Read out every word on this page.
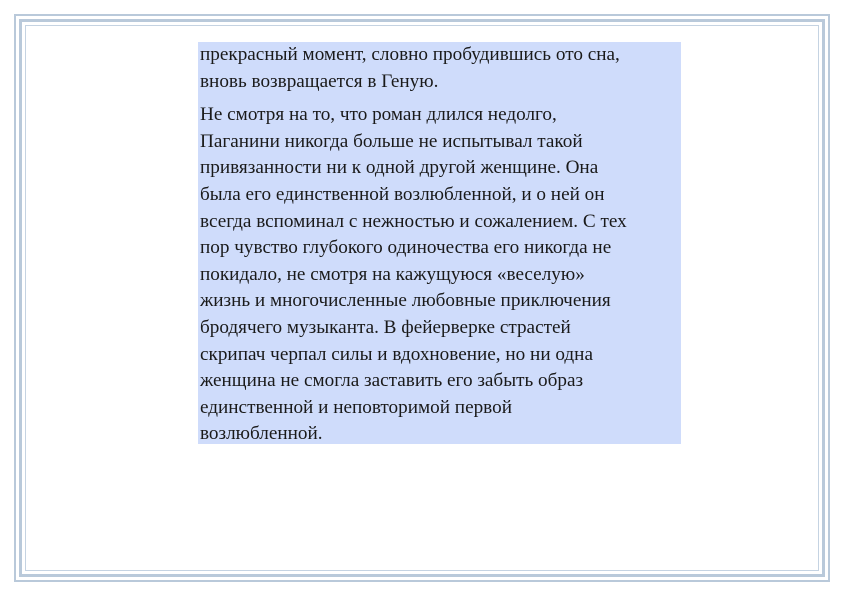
прекрасный момент, словно пробудившись ото сна,
вновь возвращается в Геную.

Не смотря на то, что роман длился недолго,
Паганини никогда больше не испытывал такой
привязанности ни к одной другой женщине. Она
была его единственной возлюбленной, и о ней он
всегда вспоминал с нежностью и сожалением. С тех
пор чувство глубокого одиночества его никогда не
покидало, не смотря на кажущуюся «веселую»
жизнь и многочисленные любовные приключения
бродячего музыканта. В фейерверке страстей
скрипач черпал силы и вдохновение, но ни одна
женщина не смогла заставить его забыть образ
единственной и неповторимой первой
возлюбленной.
